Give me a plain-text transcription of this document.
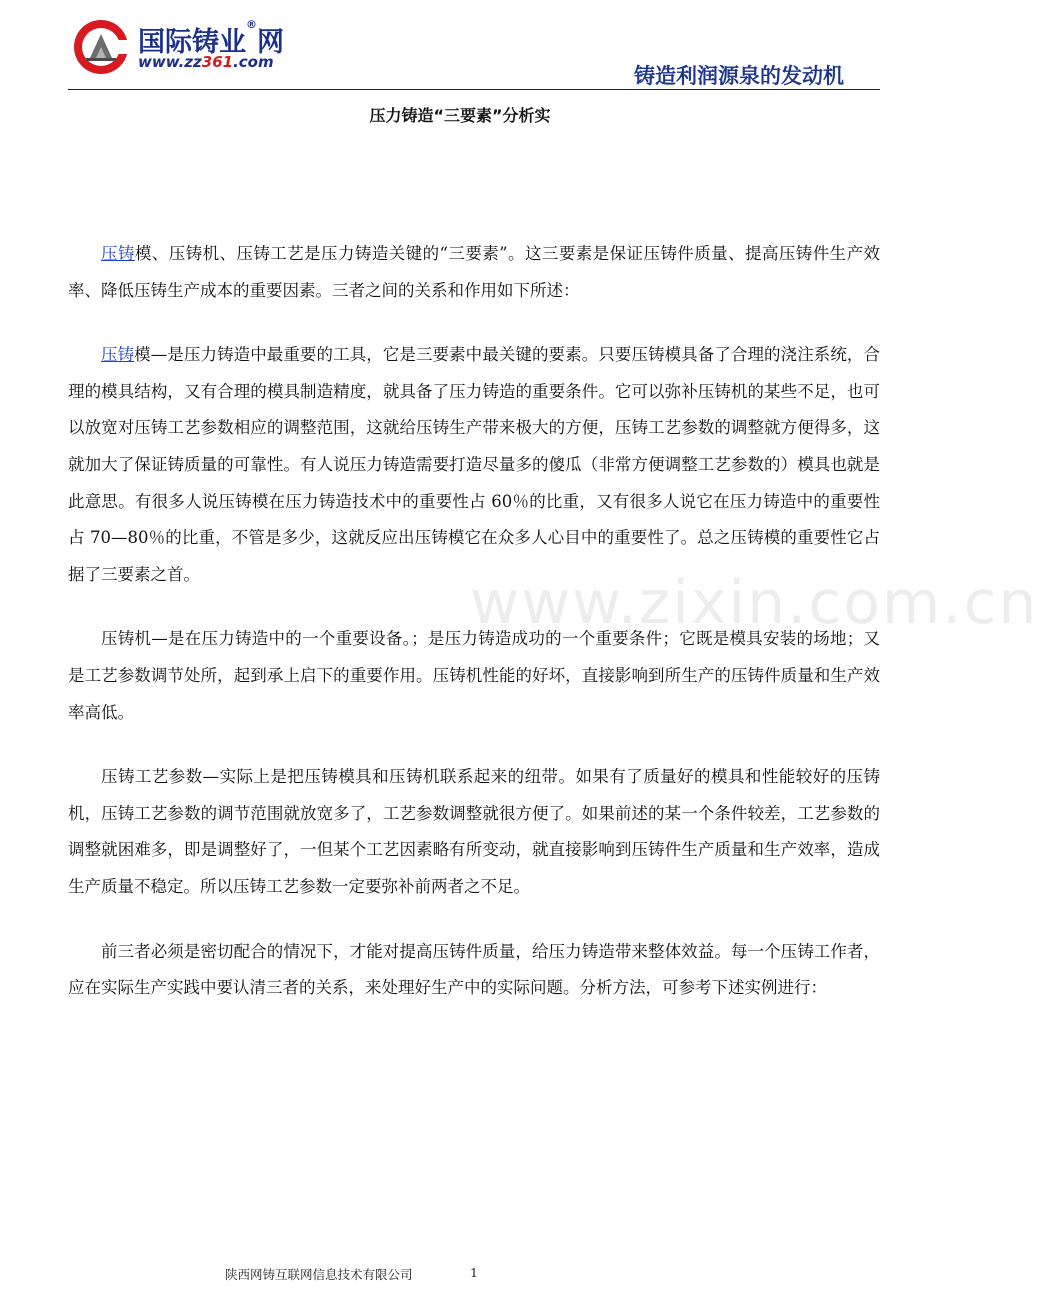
国际铸业®网
www.zz361.com
铸造利润源泉的发动机
压力铸造“三要素”分析实
www.zixin.com.cn

压铸模、压铸机、压铸工艺是压力铸造关键的“三要素”。这三要素是保证压铸件质量、提高压铸件生产效率、降低压铸生产成本的重要因素。三者之间的关系和作用如下所述：

压铸模—是压力铸造中最重要的工具，它是三要素中最关键的要素。只要压铸模具备了合理的浇注系统，合理的模具结构，又有合理的模具制造精度，就具备了压力铸造的重要条件。它可以弥补压铸机的某些不足，也可以放宽对压铸工艺参数相应的调整范围，这就给压铸生产带来极大的方便，压铸工艺参数的调整就方便得多，这就加大了保证铸质量的可靠性。有人说压力铸造需要打造尽量多的傻瓜（非常方便调整工艺参数的）模具也就是此意思。有很多人说压铸模在压力铸造技术中的重要性占 60％的比重，又有很多人说它在压力铸造中的重要性占 70—80％的比重，不管是多少，这就反应出压铸模它在众多人心目中的重要性了。总之压铸模的重要性它占据了三要素之首。

压铸机—是在压力铸造中的一个重要设备。；是压力铸造成功的一个重要条件；它既是模具安装的场地；又是工艺参数调节处所，起到承上启下的重要作用。压铸机性能的好坏，直接影响到所生产的压铸件质量和生产效率高低。

压铸工艺参数—实际上是把压铸模具和压铸机联系起来的纽带。如果有了质量好的模具和性能较好的压铸机，压铸工艺参数的调节范围就放宽多了，工艺参数调整就很方便了。如果前述的某一个条件较差，工艺参数的调整就困难多，即是调整好了，一但某个工艺因素略有所变动，就直接影响到压铸件生产质量和生产效率，造成生产质量不稳定。所以压铸工艺参数一定要弥补前两者之不足。

前三者必须是密切配合的情况下，才能对提高压铸件质量，给压力铸造带来整体效益。每一个压铸工作者，应在实际生产实践中要认清三者的关系，来处理好生产中的实际问题。分析方法，可参考下述实例进行：

陕西网铸互联网信息技术有限公司	1
